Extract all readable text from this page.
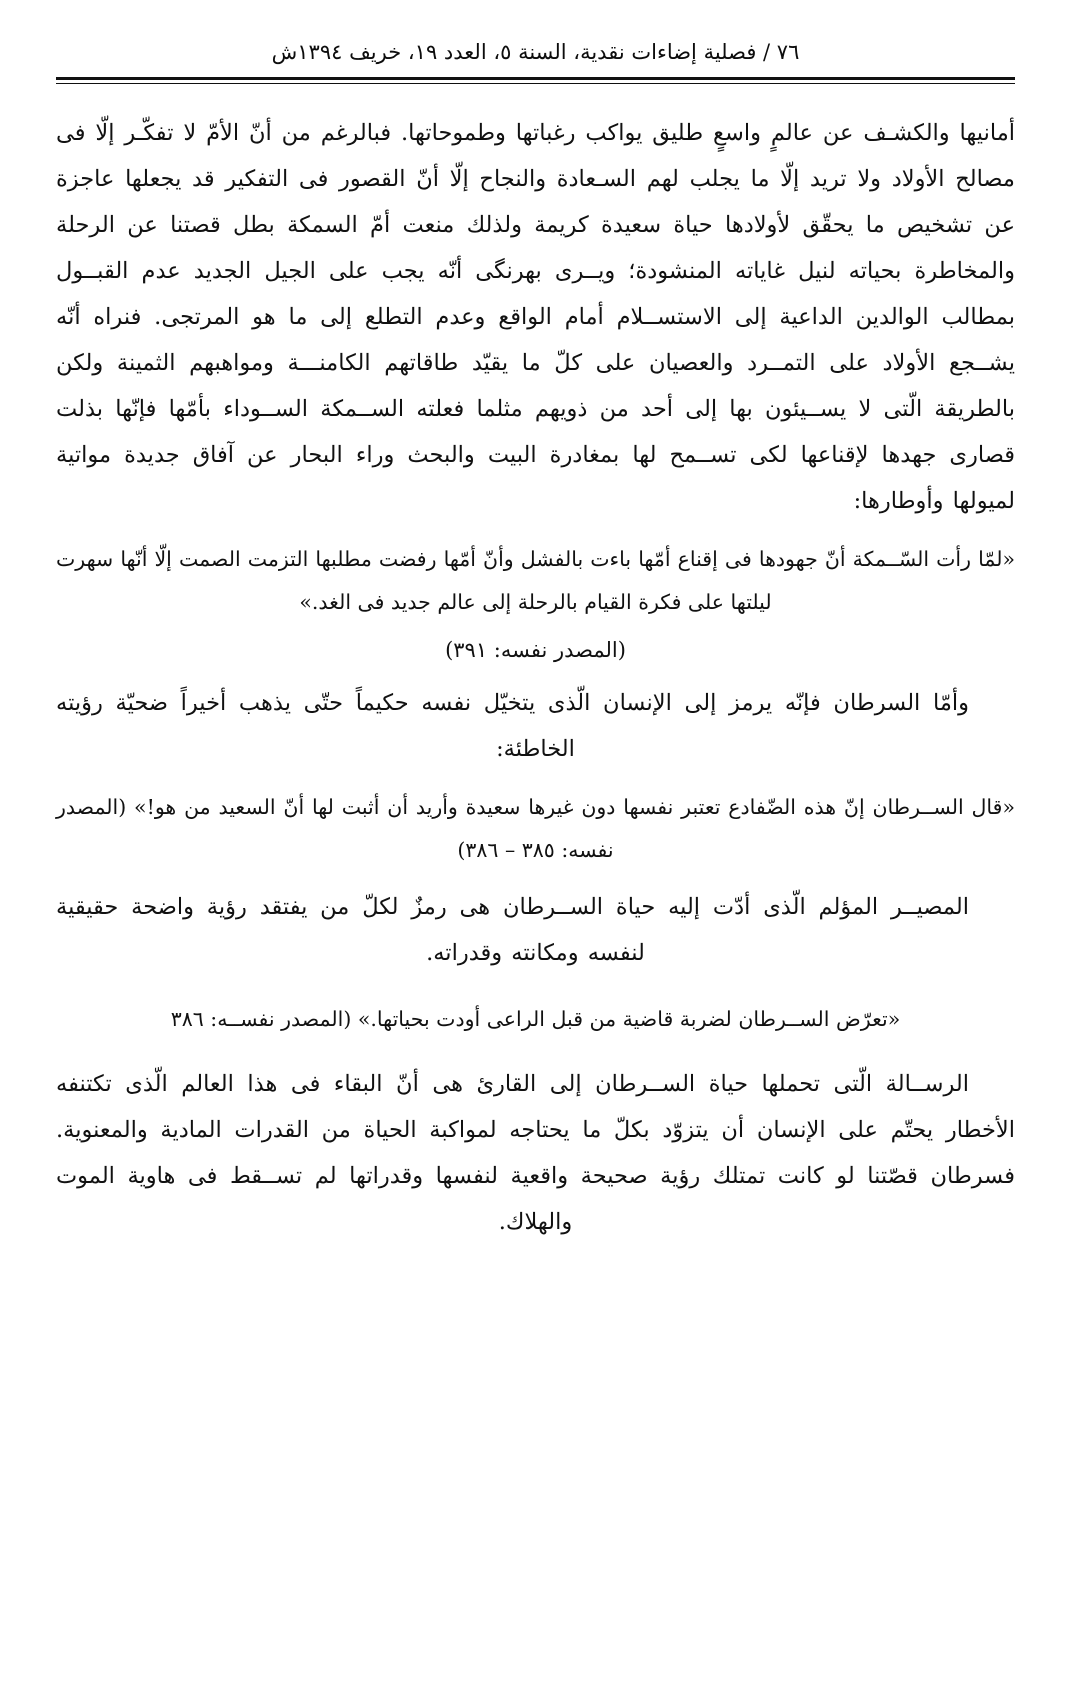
٧٦ / فصلية إضاءات نقدية، السنة ٥، العدد ١٩، خريف ١٣٩٤ش

أمانيها والكشـف عن عالمٍ واسعٍ طليق يواكب رغباتها وطموحاتها. فبالرغم من أنّ الأمّ لا تفكّـر إلّا فى مصالح الأولاد ولا تريد إلّا ما يجلب لهم السـعادة والنجاح إلّا أنّ القصور فى التفكير قد يجعلها عاجزة عن تشخيص ما يحقّق لأولادها حياة سعيدة كريمة ولذلك منعت أمّ السمكة بطل قصتنا عن الرحلة والمخاطرة بحياته لنيل غاياته المنشودة؛ ويــرى بهرنگى أنّه يجب على الجيل الجديد عدم القبــول بمطالب الوالدين الداعية إلى الاستســلام أمام الواقع وعدم التطلع إلى ما هو المرتجى. فنراه أنّه يشــجع الأولاد على التمــرد والعصيان على كلّ ما يقيّد طاقاتهم الكامنـــة ومواهبهم الثمينة ولكن بالطريقة الّتى لا يســيئون بها إلى أحد من ذويهم مثلما فعلته الســمكة الســوداء بأمّها فإنّها بذلت قصارى جهدها لإقناعها لكى تســمح لها بمغادرة البيت والبحث وراء البحار عن آفاق جديدة مواتية لميولها وأوطارها:

«لمّا رأت السّــمكة أنّ جهودها فى إقناع أمّها باءت بالفشل وأنّ أمّها رفضت مطلبها التزمت الصمت إلّا أنّها سهرت ليلتها على فكرة القيام بالرحلة إلى عالم جديد فى الغد.»

(المصدر نفسه: ٣٩١)

وأمّا السرطان فإنّه يرمز إلى الإنسان الّذى يتخيّل نفسه حكيماً حتّى يذهب أخيراً ضحيّة رؤيته الخاطئة:

«قال الســرطان إنّ هذه الضّفادع تعتبر نفسها دون غيرها سعيدة وأريد أن أثبت لها أنّ السعيد من هو!» (المصدر نفسه: ٣٨٥ – ٣٨٦)

المصيــر المؤلم الّذى أدّت إليه حياة الســرطان هى رمزٌ لكلّ من يفتقد رؤية واضحة حقيقية لنفسه ومكانته وقدراته.

«تعرّض الســرطان لضربة قاضية من قبل الراعى أودت بحياتها.» (المصدر نفســه: ٣٨٦

الرســالة الّتى تحملها حياة الســرطان إلى القارئ هى أنّ البقاء فى هذا العالم الّذى تكتنفه الأخطار يحتّم على الإنسان أن يتزوّد بكلّ ما يحتاجه لمواكبة الحياة من القدرات المادية والمعنوية. فسرطان قصّتنا لو كانت تمتلك رؤية صحيحة واقعية لنفسها وقدراتها لم تســقط فى هاوية الموت والهلاك.
